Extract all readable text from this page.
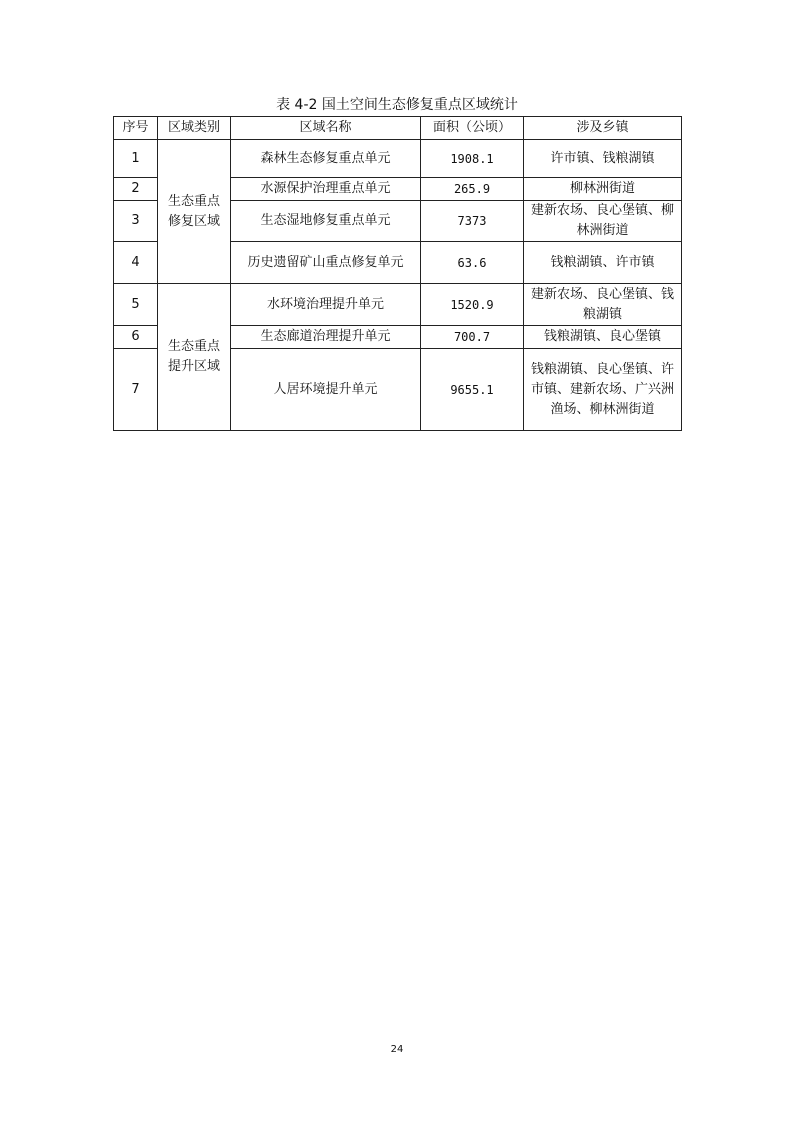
表 4-2 国土空间生态修复重点区域统计
序号	区域类别	区域名称	面积（公顷）	涉及乡镇
1	生态重点修复区域	森林生态修复重点单元	1908.1	许市镇、钱粮湖镇
2		水源保护治理重点单元	265.9	柳林洲街道
3		生态湿地修复重点单元	7373	建新农场、良心堡镇、柳林洲街道
4		历史遗留矿山重点修复单元	63.6	钱粮湖镇、许市镇
5	生态重点提升区域	水环境治理提升单元	1520.9	建新农场、良心堡镇、钱粮湖镇
6		生态廊道治理提升单元	700.7	钱粮湖镇、良心堡镇
7		人居环境提升单元	9655.1	钱粮湖镇、良心堡镇、许市镇、建新农场、广兴洲渔场、柳林洲街道
24
